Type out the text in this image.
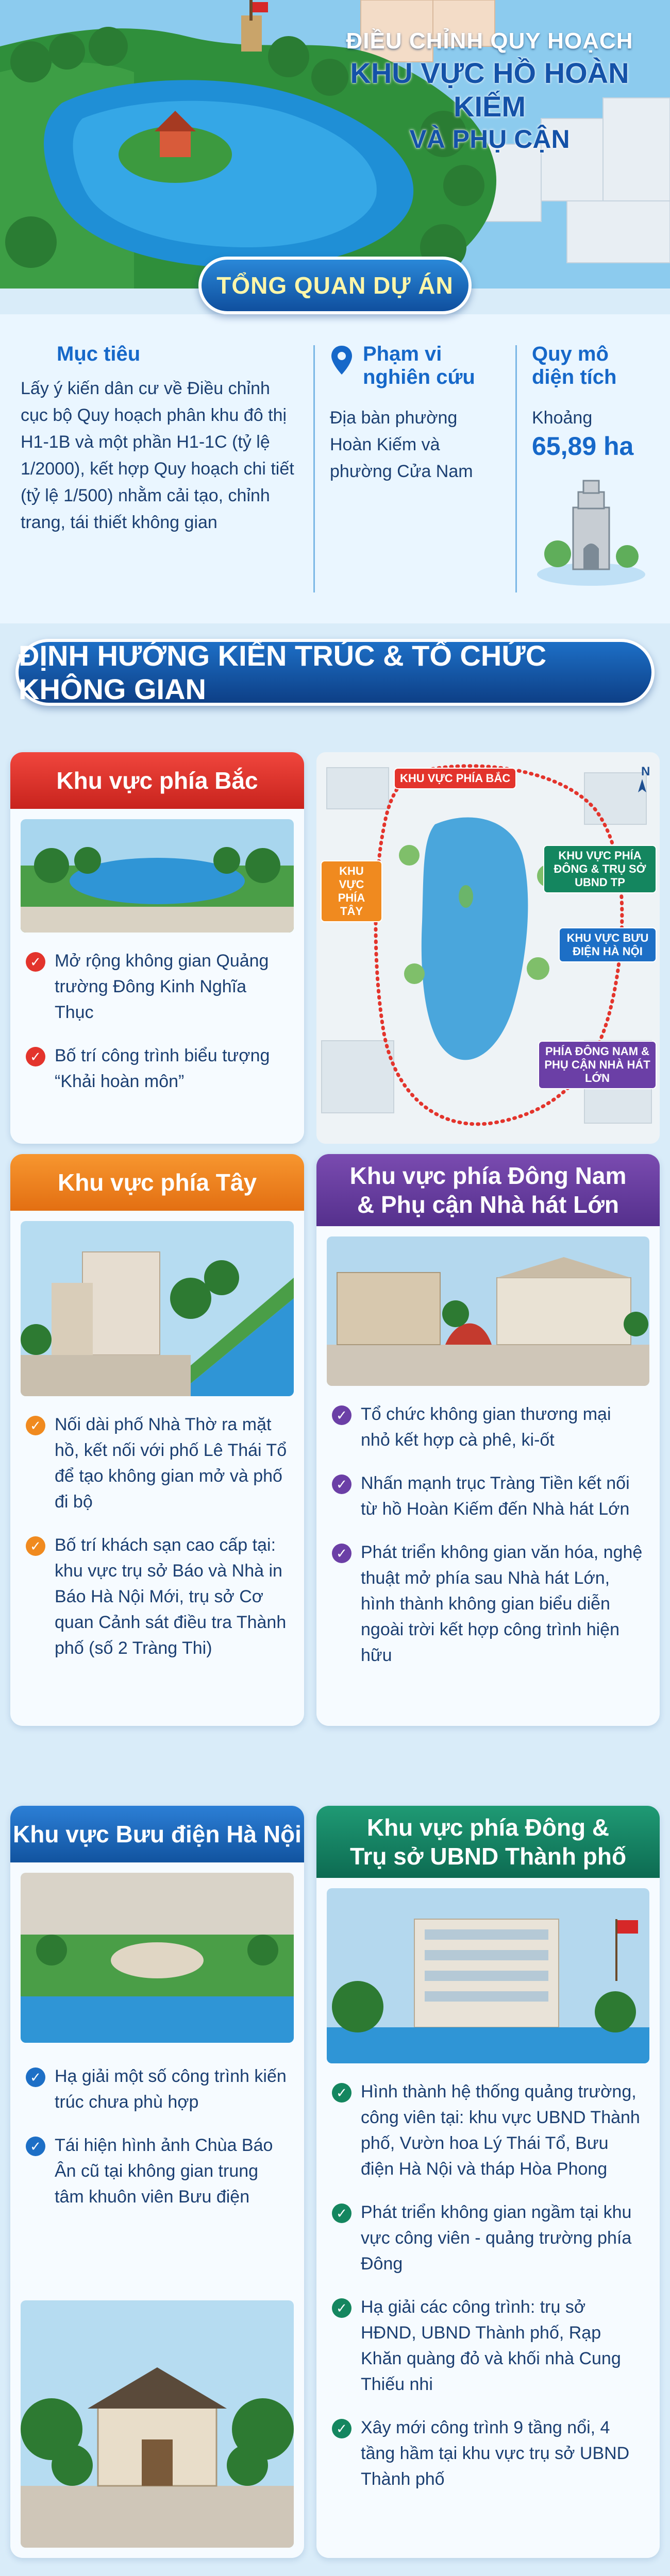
ĐIỀU CHỈNH QUY HOẠCH
KHU VỰC HỒ HOÀN KIẾM
VÀ PHỤ CẬN
Mục tiêu

Lấy ý kiến dân cư về Điều chỉnh cục bộ Quy hoạch phân khu đô thị H1-1B và một phần H1-1C (tỷ lệ 1/2000), kết hợp Quy hoạch chi tiết (tỷ lệ 1/500) nhằm cải tạo, chỉnh trang, tái thiết không gian

Phạm vi
nghiên cứu

Địa bàn phường Hoàn Kiếm và phường Cửa Nam

Quy mô
diện tích

Khoảng

65,89 ha
TỔNG QUAN DỰ ÁN
ĐỊNH HƯỚNG KIẾN TRÚC & TỔ CHỨC KHÔNG GIAN
Khu vực phía Bắc
✓ Mở rộng không gian Quảng trường Đông Kinh Nghĩa Thục
✓ Bố trí công trình biểu tượng “Khải hoàn môn”
N
KHU VỰC PHÍA BẮC
KHU VỰC PHÍA TÂY
KHU VỰC PHÍA ĐÔNG & TRỤ SỞ UBND TP
KHU VỰC BƯU ĐIỆN HÀ NỘI
PHÍA ĐÔNG NAM & PHỤ CẬN NHÀ HÁT LỚN
Khu vực phía Tây
✓ Nối dài phố Nhà Thờ ra mặt hồ, kết nối với phố Lê Thái Tổ để tạo không gian mở và phố đi bộ
✓ Bố trí khách sạn cao cấp tại: khu vực trụ sở Báo và Nhà in Báo Hà Nội Mới, trụ sở Cơ quan Cảnh sát điều tra Thành phố (số 2 Tràng Thi)
Khu vực phía Đông Nam
& Phụ cận Nhà hát Lớn
✓ Tổ chức không gian thương mại nhỏ kết hợp cà phê, ki-ốt
✓ Nhấn mạnh trục Tràng Tiền kết nối từ hồ Hoàn Kiếm đến Nhà hát Lớn
✓ Phát triển không gian văn hóa, nghệ thuật mở phía sau Nhà hát Lớn, hình thành không gian biểu diễn ngoài trời kết hợp công trình hiện hữu
Khu vực Bưu điện Hà Nội
✓ Hạ giải một số công trình kiến trúc chưa phù hợp
✓ Tái hiện hình ảnh Chùa Báo Ân cũ tại không gian trung tâm khuôn viên Bưu điện
Khu vực phía Đông &
Trụ sở UBND Thành phố
✓ Hình thành hệ thống quảng trường, công viên tại: khu vực UBND Thành phố, Vườn hoa Lý Thái Tổ, Bưu điện Hà Nội và tháp Hòa Phong
✓ Phát triển không gian ngầm tại khu vực công viên - quảng trường phía Đông
✓ Hạ giải các công trình: trụ sở HĐND, UBND Thành phố, Rạp Khăn quàng đỏ và khối nhà Cung Thiếu nhi
✓ Xây mới công trình 9 tầng nổi, 4 tầng hầm tại khu vực trụ sở UBND Thành phố
